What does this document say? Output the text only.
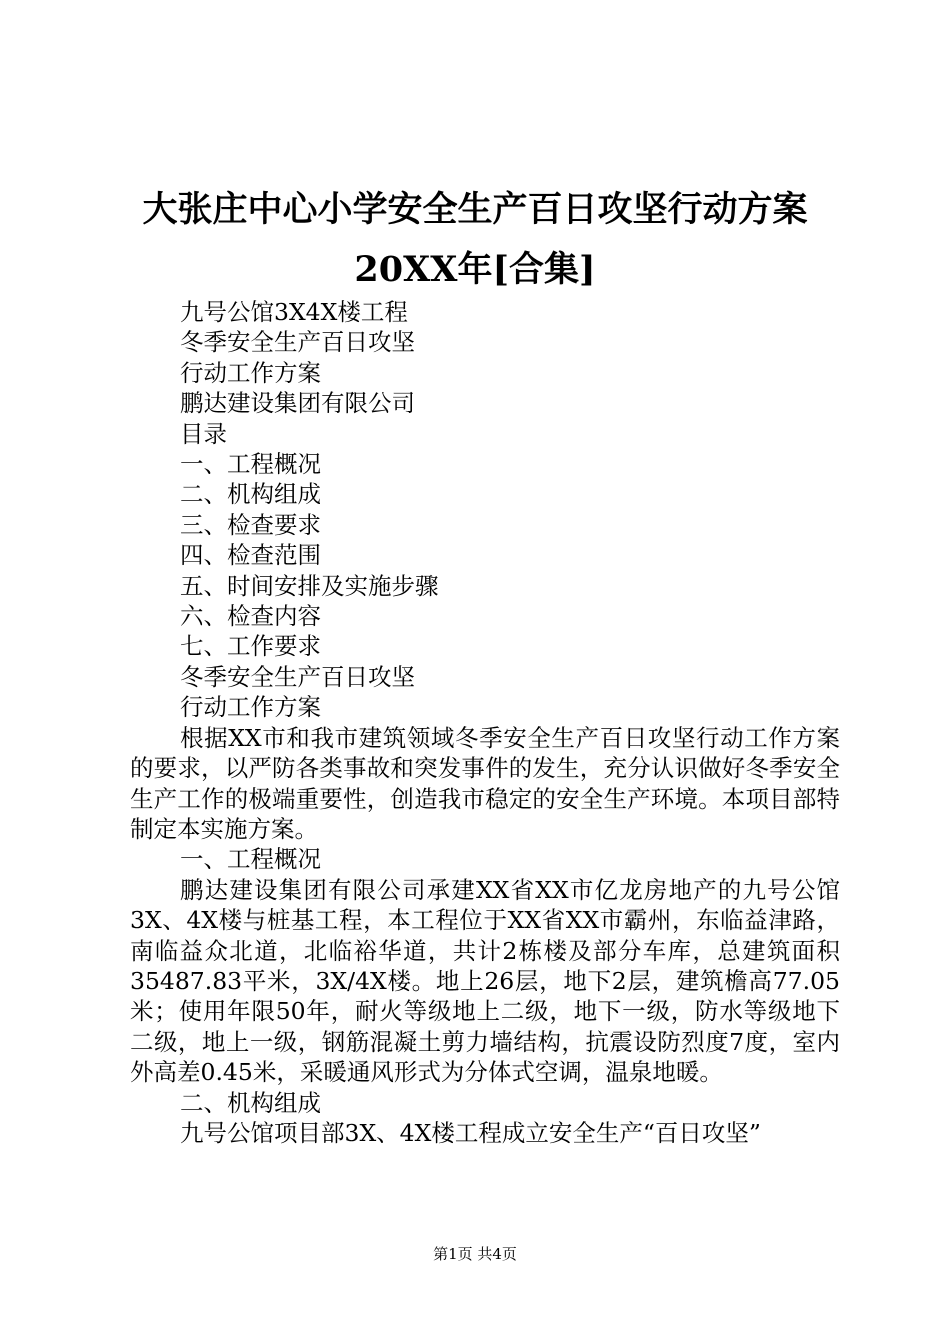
大张庄中心小学安全生产百日攻坚行动方案
20XX年[合集]
九号公馆3X4X楼工程
冬季安全生产百日攻坚
行动工作方案
鹏达建设集团有限公司
目录
一、工程概况
二、机构组成
三、检查要求
四、检查范围
五、时间安排及实施步骤
六、检查内容
七、工作要求
冬季安全生产百日攻坚
行动工作方案
根据XX市和我市建筑领域冬季安全生产百日攻坚行动工作方案的要求，以严防各类事故和突发事件的发生，充分认识做好冬季安全生产工作的极端重要性，创造我市稳定的安全生产环境。本项目部特制定本实施方案。
一、工程概况
鹏达建设集团有限公司承建XX省XX市亿龙房地产的九号公馆3X、4X楼与桩基工程，本工程位于XX省XX市霸州，东临益津路，南临益众北道，北临裕华道，共计2栋楼及部分车库，总建筑面积35487.83平米，3X/4X楼。地上26层，地下2层，建筑檐高77.05米；使用年限50年，耐火等级地上二级，地下一级，防水等级地下二级，地上一级，钢筋混凝土剪力墙结构，抗震设防烈度7度，室内外高差0.45米，采暖通风形式为分体式空调，温泉地暖。
二、机构组成
九号公馆项目部3X、4X楼工程成立安全生产“百日攻坚”
第1页 共4页
